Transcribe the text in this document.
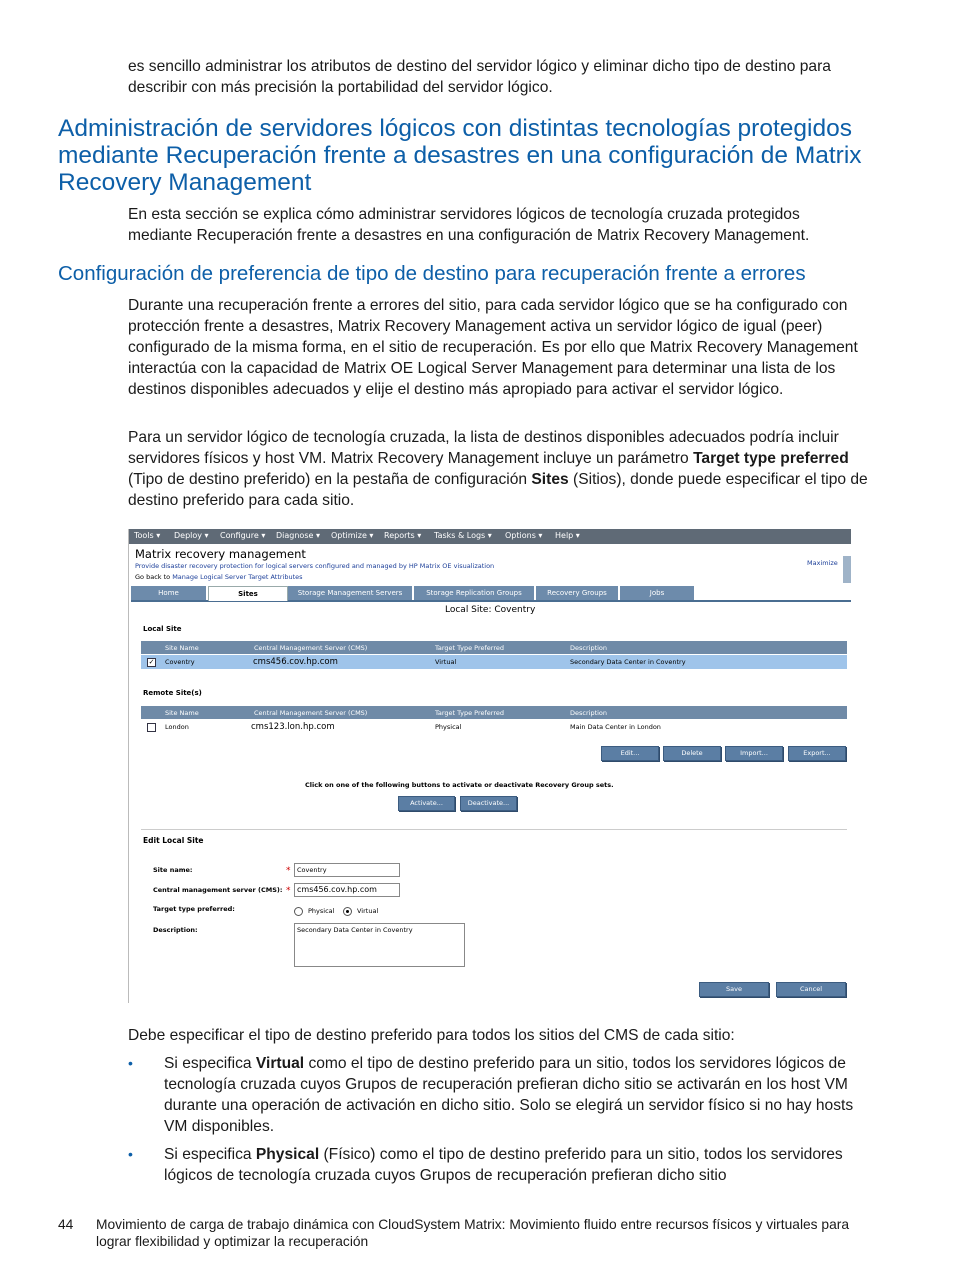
es sencillo administrar los atributos de destino del servidor lógico y eliminar dicho tipo de destino para describir con más precisión la portabilidad del servidor lógico.

Administración de servidores lógicos con distintas tecnologías protegidos mediante Recuperación frente a desastres en una configuración de Matrix Recovery Management

En esta sección se explica cómo administrar servidores lógicos de tecnología cruzada protegidos mediante Recuperación frente a desastres en una configuración de Matrix Recovery Management.

Configuración de preferencia de tipo de destino para recuperación frente a errores

Durante una recuperación frente a errores del sitio, para cada servidor lógico que se ha configurado con protección frente a desastres, Matrix Recovery Management activa un servidor lógico de igual (peer) configurado de la misma forma, en el sitio de recuperación. Es por ello que Matrix Recovery Management interactúa con la capacidad de Matrix OE Logical Server Management para determinar una lista de los destinos disponibles adecuados y elije el destino más apropiado para activar el servidor lógico.

Para un servidor lógico de tecnología cruzada, la lista de destinos disponibles adecuados podría incluir servidores físicos y host VM. Matrix Recovery Management incluye un parámetro Target type preferred (Tipo de destino preferido) en la pestaña de configuración Sites (Sitios), donde puede especificar el tipo de destino preferido para cada sitio.

Tools ▾ Deploy ▾ Configure ▾ Diagnose ▾ Optimize ▾ Reports ▾ Tasks & Logs ▾ Options ▾ Help ▾
Matrix recovery management
Provide disaster recovery protection for logical servers configured and managed by HP Matrix OE visualization
Go back to Manage Logical Server Target Attributes
Maximize
Home	Sites	Storage Management Servers	Storage Replication Groups	Recovery Groups	Jobs
Local Site: Coventry
Local Site
Site Name	Central Management Server (CMS)	Target Type Preferred	Description
✓ Coventry	cms456.cov.hp.com	Virtual	Secondary Data Center in Coventry
Remote Site(s)
Site Name	Central Management Server (CMS)	Target Type Preferred	Description
London	cms123.lon.hp.com	Physical	Main Data Center in London
Edit...	Delete	Import...	Export...
Click on one of the following buttons to activate or deactivate Recovery Group sets.
Activate...	Deactivate...
Edit Local Site
Site name:	*	Coventry
Central management server (CMS): * cms456.cov.hp.com
Target type preferred:	Physical	Virtual
Description:	Secondary Data Center in Coventry
Save	Cancel

Debe especificar el tipo de destino preferido para todos los sitios del CMS de cada sitio:

• Si especifica Virtual como el tipo de destino preferido para un sitio, todos los servidores lógicos de tecnología cruzada cuyos Grupos de recuperación prefieran dicho sitio se activarán en los host VM durante una operación de activación en dicho sitio. Solo se elegirá un servidor físico si no hay hosts VM disponibles.
• Si especifica Physical (Físico) como el tipo de destino preferido para un sitio, todos los servidores lógicos de tecnología cruzada cuyos Grupos de recuperación prefieran dicho sitio
44 Movimiento de carga de trabajo dinámica con CloudSystem Matrix: Movimiento fluido entre recursos físicos y virtuales para lograr flexibilidad y optimizar la recuperación
